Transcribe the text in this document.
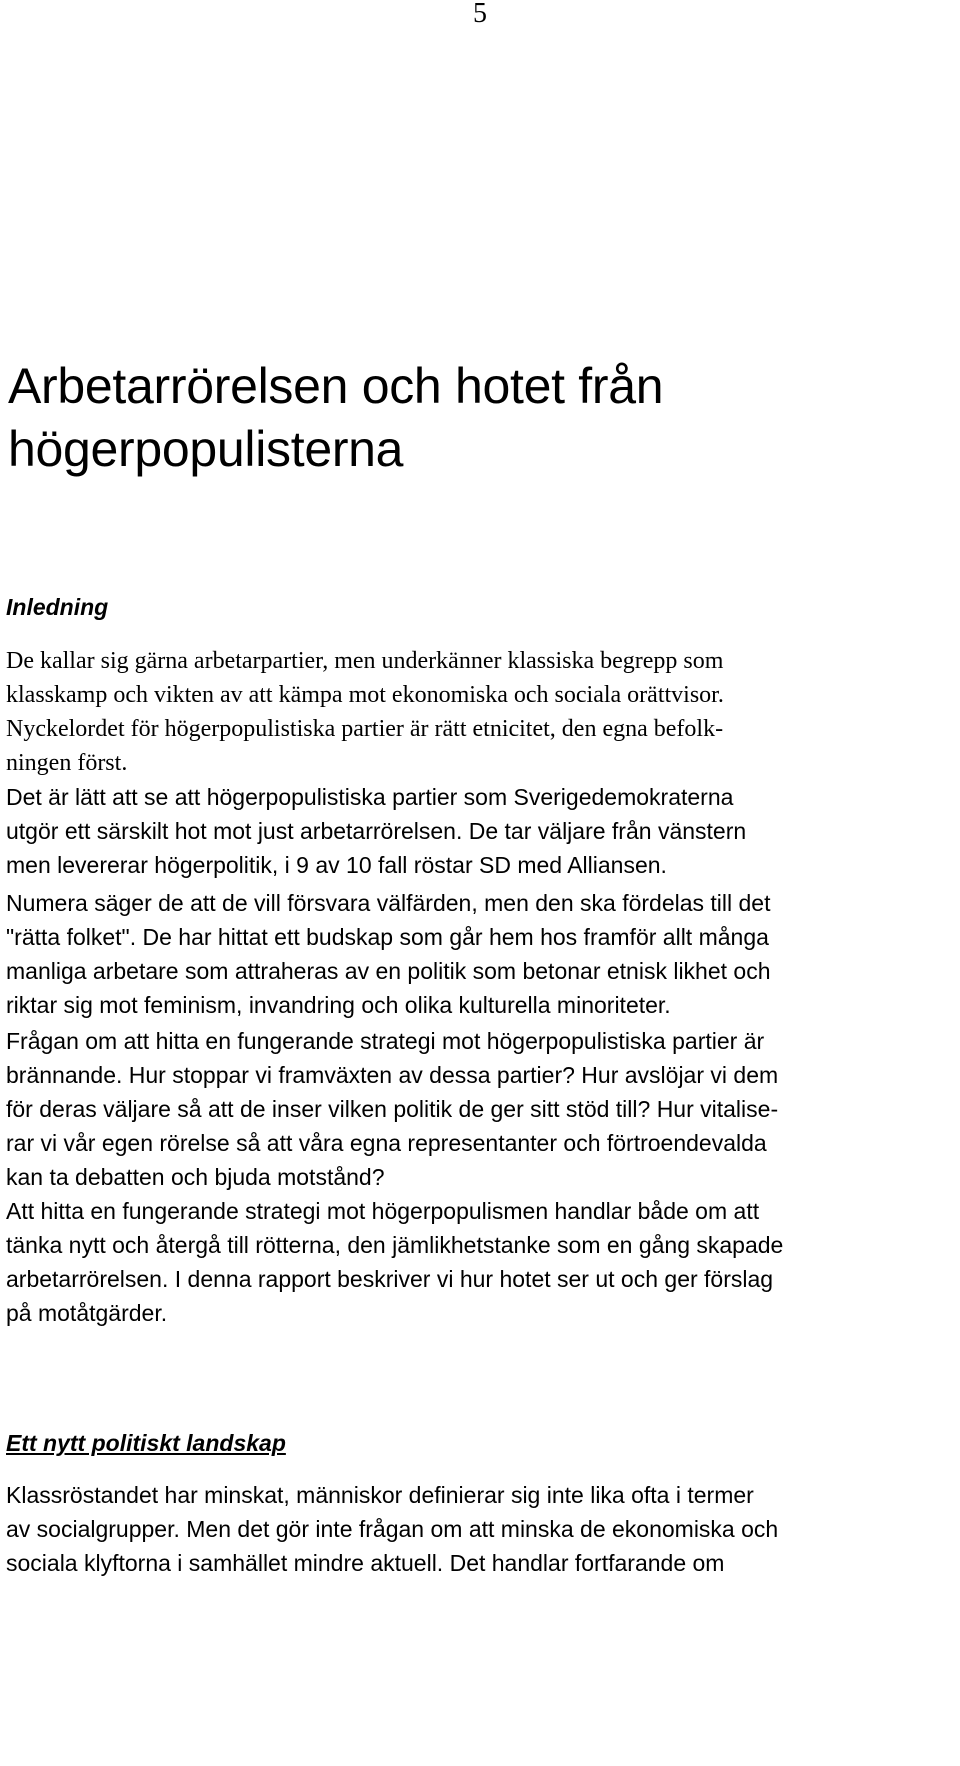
5
Arbetarrörelsen och hotet från
högerpopulisterna
Inledning

De kallar sig gärna arbetarpartier, men underkänner klassiska begrepp som
klasskamp och vikten av att kämpa mot ekonomiska och sociala orättvisor.
Nyckelordet för högerpopulistiska partier är rätt etnicitet, den egna befolk-
ningen först.

Det är lätt att se att högerpopulistiska partier som Sverigedemokraterna
utgör ett särskilt hot mot just arbetarrörelsen. De tar väljare från vänstern
men levererar högerpolitik, i 9 av 10 fall röstar SD med Alliansen.

Numera säger de att de vill försvara välfärden, men den ska fördelas till det
"rätta folket". De har hittat ett budskap som går hem hos framför allt många
manliga arbetare som attraheras av en politik som betonar etnisk likhet och
riktar sig mot feminism, invandring och olika kulturella minoriteter.

Frågan om att hitta en fungerande strategi mot högerpopulistiska partier är
brännande. Hur stoppar vi framväxten av dessa partier? Hur avslöjar vi dem
för deras väljare så att de inser vilken politik de ger sitt stöd till? Hur vitalise-
rar vi vår egen rörelse så att våra egna representanter och förtroendevalda
kan ta debatten och bjuda motstånd?

Att hitta en fungerande strategi mot högerpopulismen handlar både om att
tänka nytt och återgå till rötterna, den jämlikhetstanke som en gång skapade
arbetarrörelsen. I denna rapport beskriver vi hur hotet ser ut och ger förslag
på motåtgärder.

Ett nytt politiskt landskap

Klassröstandet har minskat, människor definierar sig inte lika ofta i termer
av socialgrupper. Men det gör inte frågan om att minska de ekonomiska och
sociala klyftorna i samhället mindre aktuell. Det handlar fortfarande om
